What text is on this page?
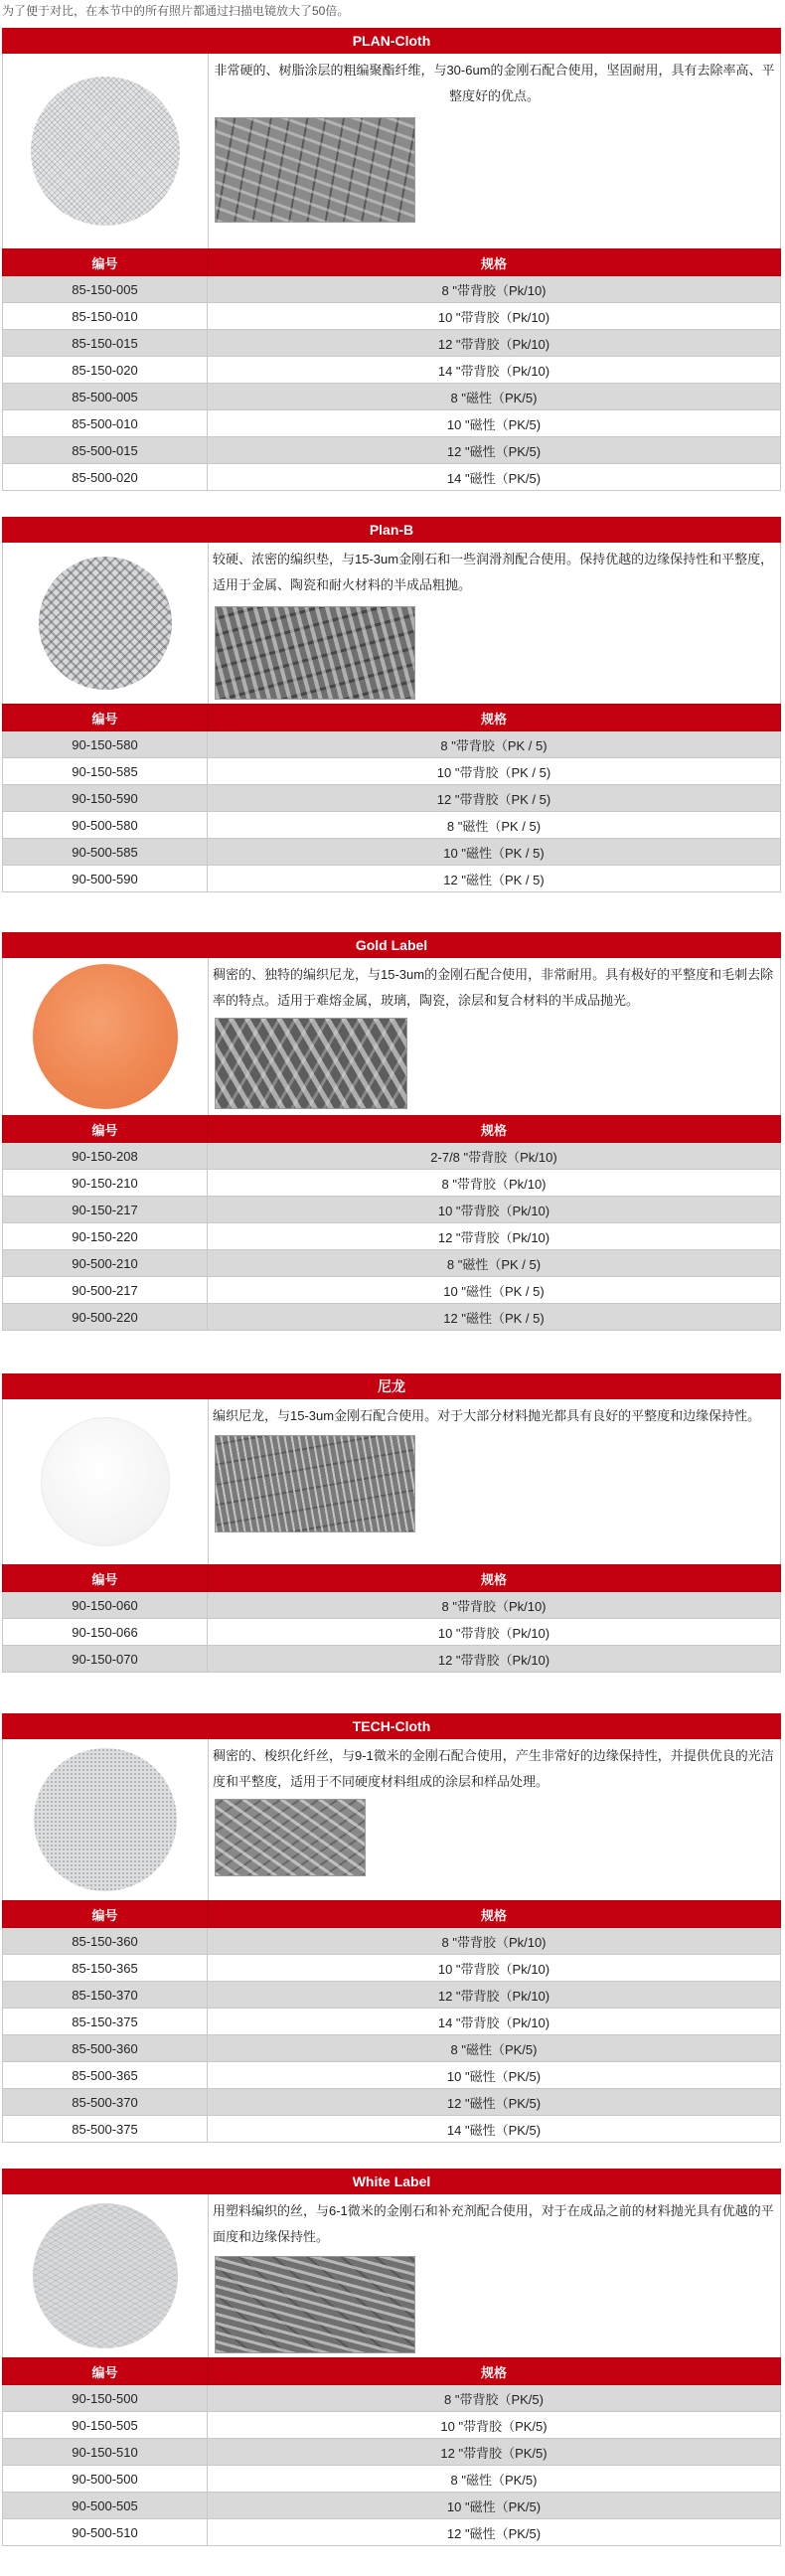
为了便于对比，在本节中的所有照片都通过扫描电镜放大了50倍。
PLAN-Cloth

非常硬的、树脂涂层的粗编聚酯纤维，与30-6um的金刚石配合使用，坚固耐用，具有去除率高、平整度好的优点。

编号	规格
85-150-005	8 "带背胶（Pk/10)
85-150-010	10 "带背胶（Pk/10)
85-150-015	12 "带背胶（Pk/10)
85-150-020	14 "带背胶（Pk/10)
85-500-005	8 "磁性（PK/5)
85-500-010	10 "磁性（PK/5)
85-500-015	12 "磁性（PK/5)
85-500-020	14 "磁性（PK/5)
Plan-B

较硬、浓密的编织垫，与15-3um金刚石和一些润滑剂配合使用。保持优越的边缘保持性和平整度，适用于金属、陶瓷和耐火材料的半成品粗抛。

编号	规格
90-150-580	8 "带背胶（PK / 5)
90-150-585	10 "带背胶（PK / 5)
90-150-590	12 "带背胶（PK / 5)
90-500-580	8 "磁性（PK / 5)
90-500-585	10 "磁性（PK / 5)
90-500-590	12 "磁性（PK / 5)
Gold Label

稠密的、独特的编织尼龙，与15-3um的金刚石配合使用，非常耐用。具有极好的平整度和毛刺去除率的特点。适用于难熔金属，玻璃，陶瓷，涂层和复合材料的半成品抛光。

编号	规格
90-150-208	2-7/8 "带背胶（Pk/10)
90-150-210	8 "带背胶（Pk/10)
90-150-217	10 "带背胶（Pk/10)
90-150-220	12 "带背胶（Pk/10)
90-500-210	8 "磁性（PK / 5)
90-500-217	10 "磁性（PK / 5)
90-500-220	12 "磁性（PK / 5)
尼龙

编织尼龙，与15-3um金刚石配合使用。对于大部分材料抛光都具有良好的平整度和边缘保持性。

编号	规格
90-150-060	8 "带背胶（Pk/10)
90-150-066	10 "带背胶（Pk/10)
90-150-070	12 "带背胶（Pk/10)
TECH-Cloth

稠密的、梭织化纤丝，与9-1微米的金刚石配合使用，产生非常好的边缘保持性，并提供优良的光洁度和平整度，适用于不同硬度材料组成的涂层和样品处理。

编号	规格
85-150-360	8 "带背胶（Pk/10)
85-150-365	10 "带背胶（Pk/10)
85-150-370	12 "带背胶（Pk/10)
85-150-375	14 "带背胶（Pk/10)
85-500-360	8 "磁性（PK/5)
85-500-365	10 "磁性（PK/5)
85-500-370	12 "磁性（PK/5)
85-500-375	14 "磁性（PK/5)
White Label

用塑料编织的丝，与6-1微米的金刚石和补充剂配合使用，对于在成品之前的材料抛光具有优越的平面度和边缘保持性。

编号	规格
90-150-500	8 "带背胶（PK/5)
90-150-505	10 "带背胶（PK/5)
90-150-510	12 "带背胶（PK/5)
90-500-500	8 "磁性（PK/5)
90-500-505	10 "磁性（PK/5)
90-500-510	12 "磁性（PK/5)
